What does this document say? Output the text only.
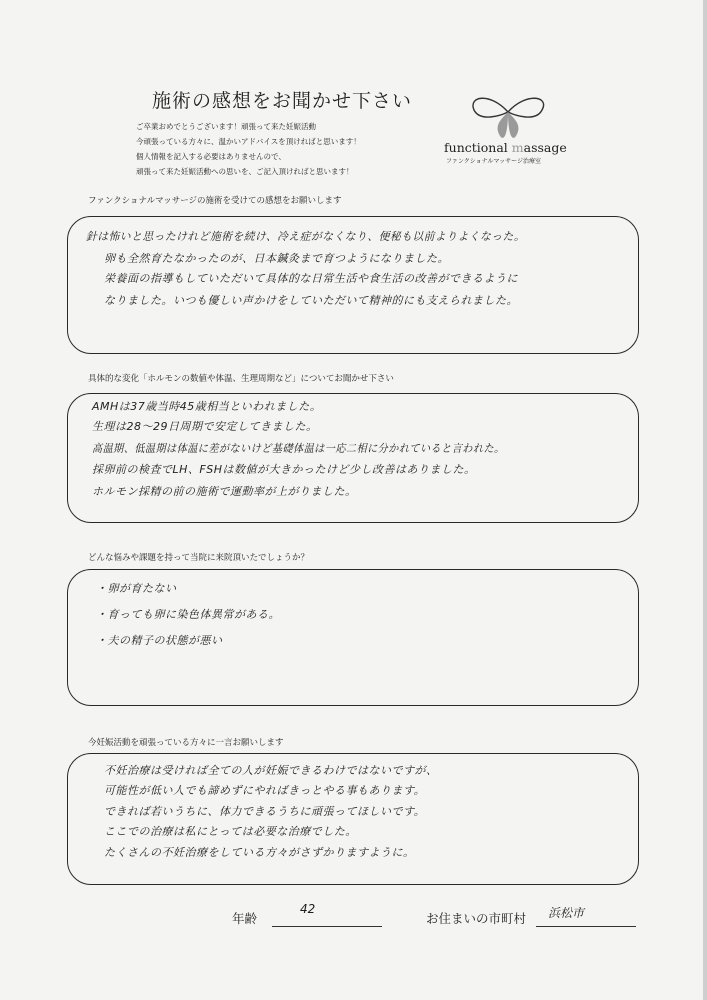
施術の感想をお聞かせ下さい
ご卒業おめでとうございます！頑張って来た妊娠活動
今頑張っている方々に、温かいアドバイスを頂ければと思います！
個人情報を記入する必要はありませんので、
頑張って来た妊娠活動への思いを、ご記入頂ければと思います！
functional massage
ファンクショナルマッサージ治療室
ファンクショナルマッサージの施術を受けての感想をお願いします
針は怖いと思ったけれど施術を続け、冷え症がなくなり、便秘も以前よりよくなった。
卵も全然育たなかったのが、日本鍼灸まで育つようになりました。
栄養面の指導もしていただいて具体的な日常生活や食生活の改善ができるように
なりました。いつも優しい声かけをしていただいて精神的にも支えられました。
具体的な変化「ホルモンの数値や体温、生理周期など」についてお聞かせ下さい
AMHは37歳当時45歳相当といわれました。
生理は28〜29日周期で安定してきました。
高温期、低温期は体温に差がないけど基礎体温は一応二相に分かれていると言われた。
採卵前の検査でLH、FSHは数値が大きかったけど少し改善はありました。
ホルモン採精の前の施術で運動率が上がりました。
どんな悩みや課題を持って当院に来院頂いたでしょうか？
・卵が育たない
・育っても卵に染色体異常がある。
・夫の精子の状態が悪い
今妊娠活動を頑張っている方々に一言お願いします
不妊治療は受ければ全ての人が妊娠できるわけではないですが、
可能性が低い人でも諦めずにやればきっとやる事もあります。
できれば若いうちに、体力できるうちに頑張ってほしいです。
ここでの治療は私にとっては必要な治療でした。
たくさんの不妊治療をしている方々がさずかりますように。
年齢
42
お住まいの市町村 浜松市
